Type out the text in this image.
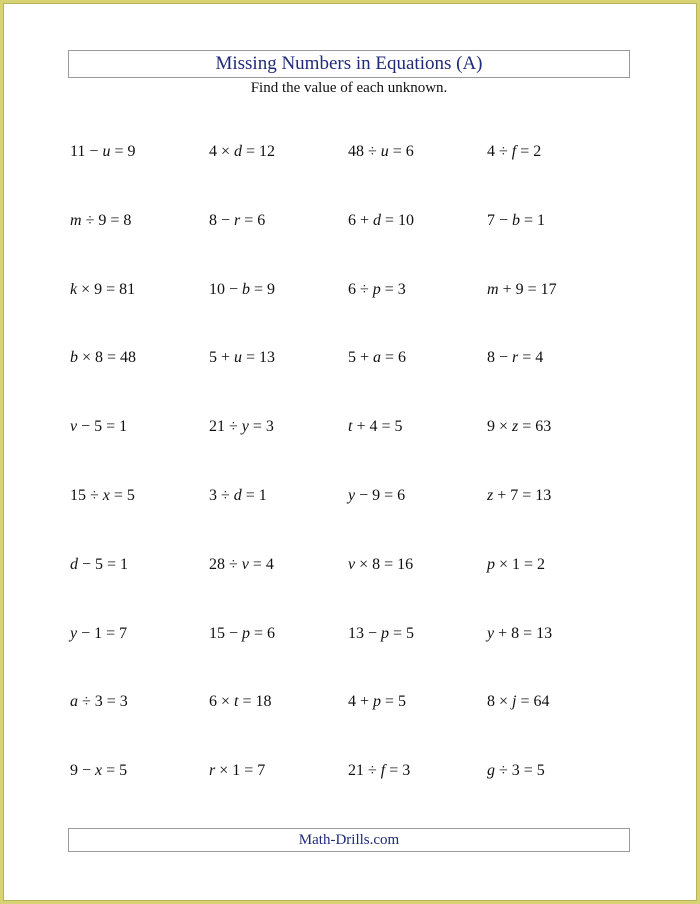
Missing Numbers in Equations (A)
Find the value of each unknown.
11 − u = 9	4 × d = 12	48 ÷ u = 6	4 ÷ f = 2
m ÷ 9 = 8	8 − r = 6	6 + d = 10	7 − b = 1
k × 9 = 81	10 − b = 9	6 ÷ p = 3	m + 9 = 17
b × 8 = 48	5 + u = 13	5 + a = 6	8 − r = 4
v − 5 = 1	21 ÷ y = 3	t + 4 = 5	9 × z = 63
15 ÷ x = 5	3 ÷ d = 1	y − 9 = 6	z + 7 = 13
d − 5 = 1	28 ÷ v = 4	v × 8 = 16	p × 1 = 2
y − 1 = 7	15 − p = 6	13 − p = 5	y + 8 = 13
a ÷ 3 = 3	6 × t = 18	4 + p = 5	8 × j = 64
9 − x = 5	r × 1 = 7	21 ÷ f = 3	g ÷ 3 = 5
Math-Drills.com
